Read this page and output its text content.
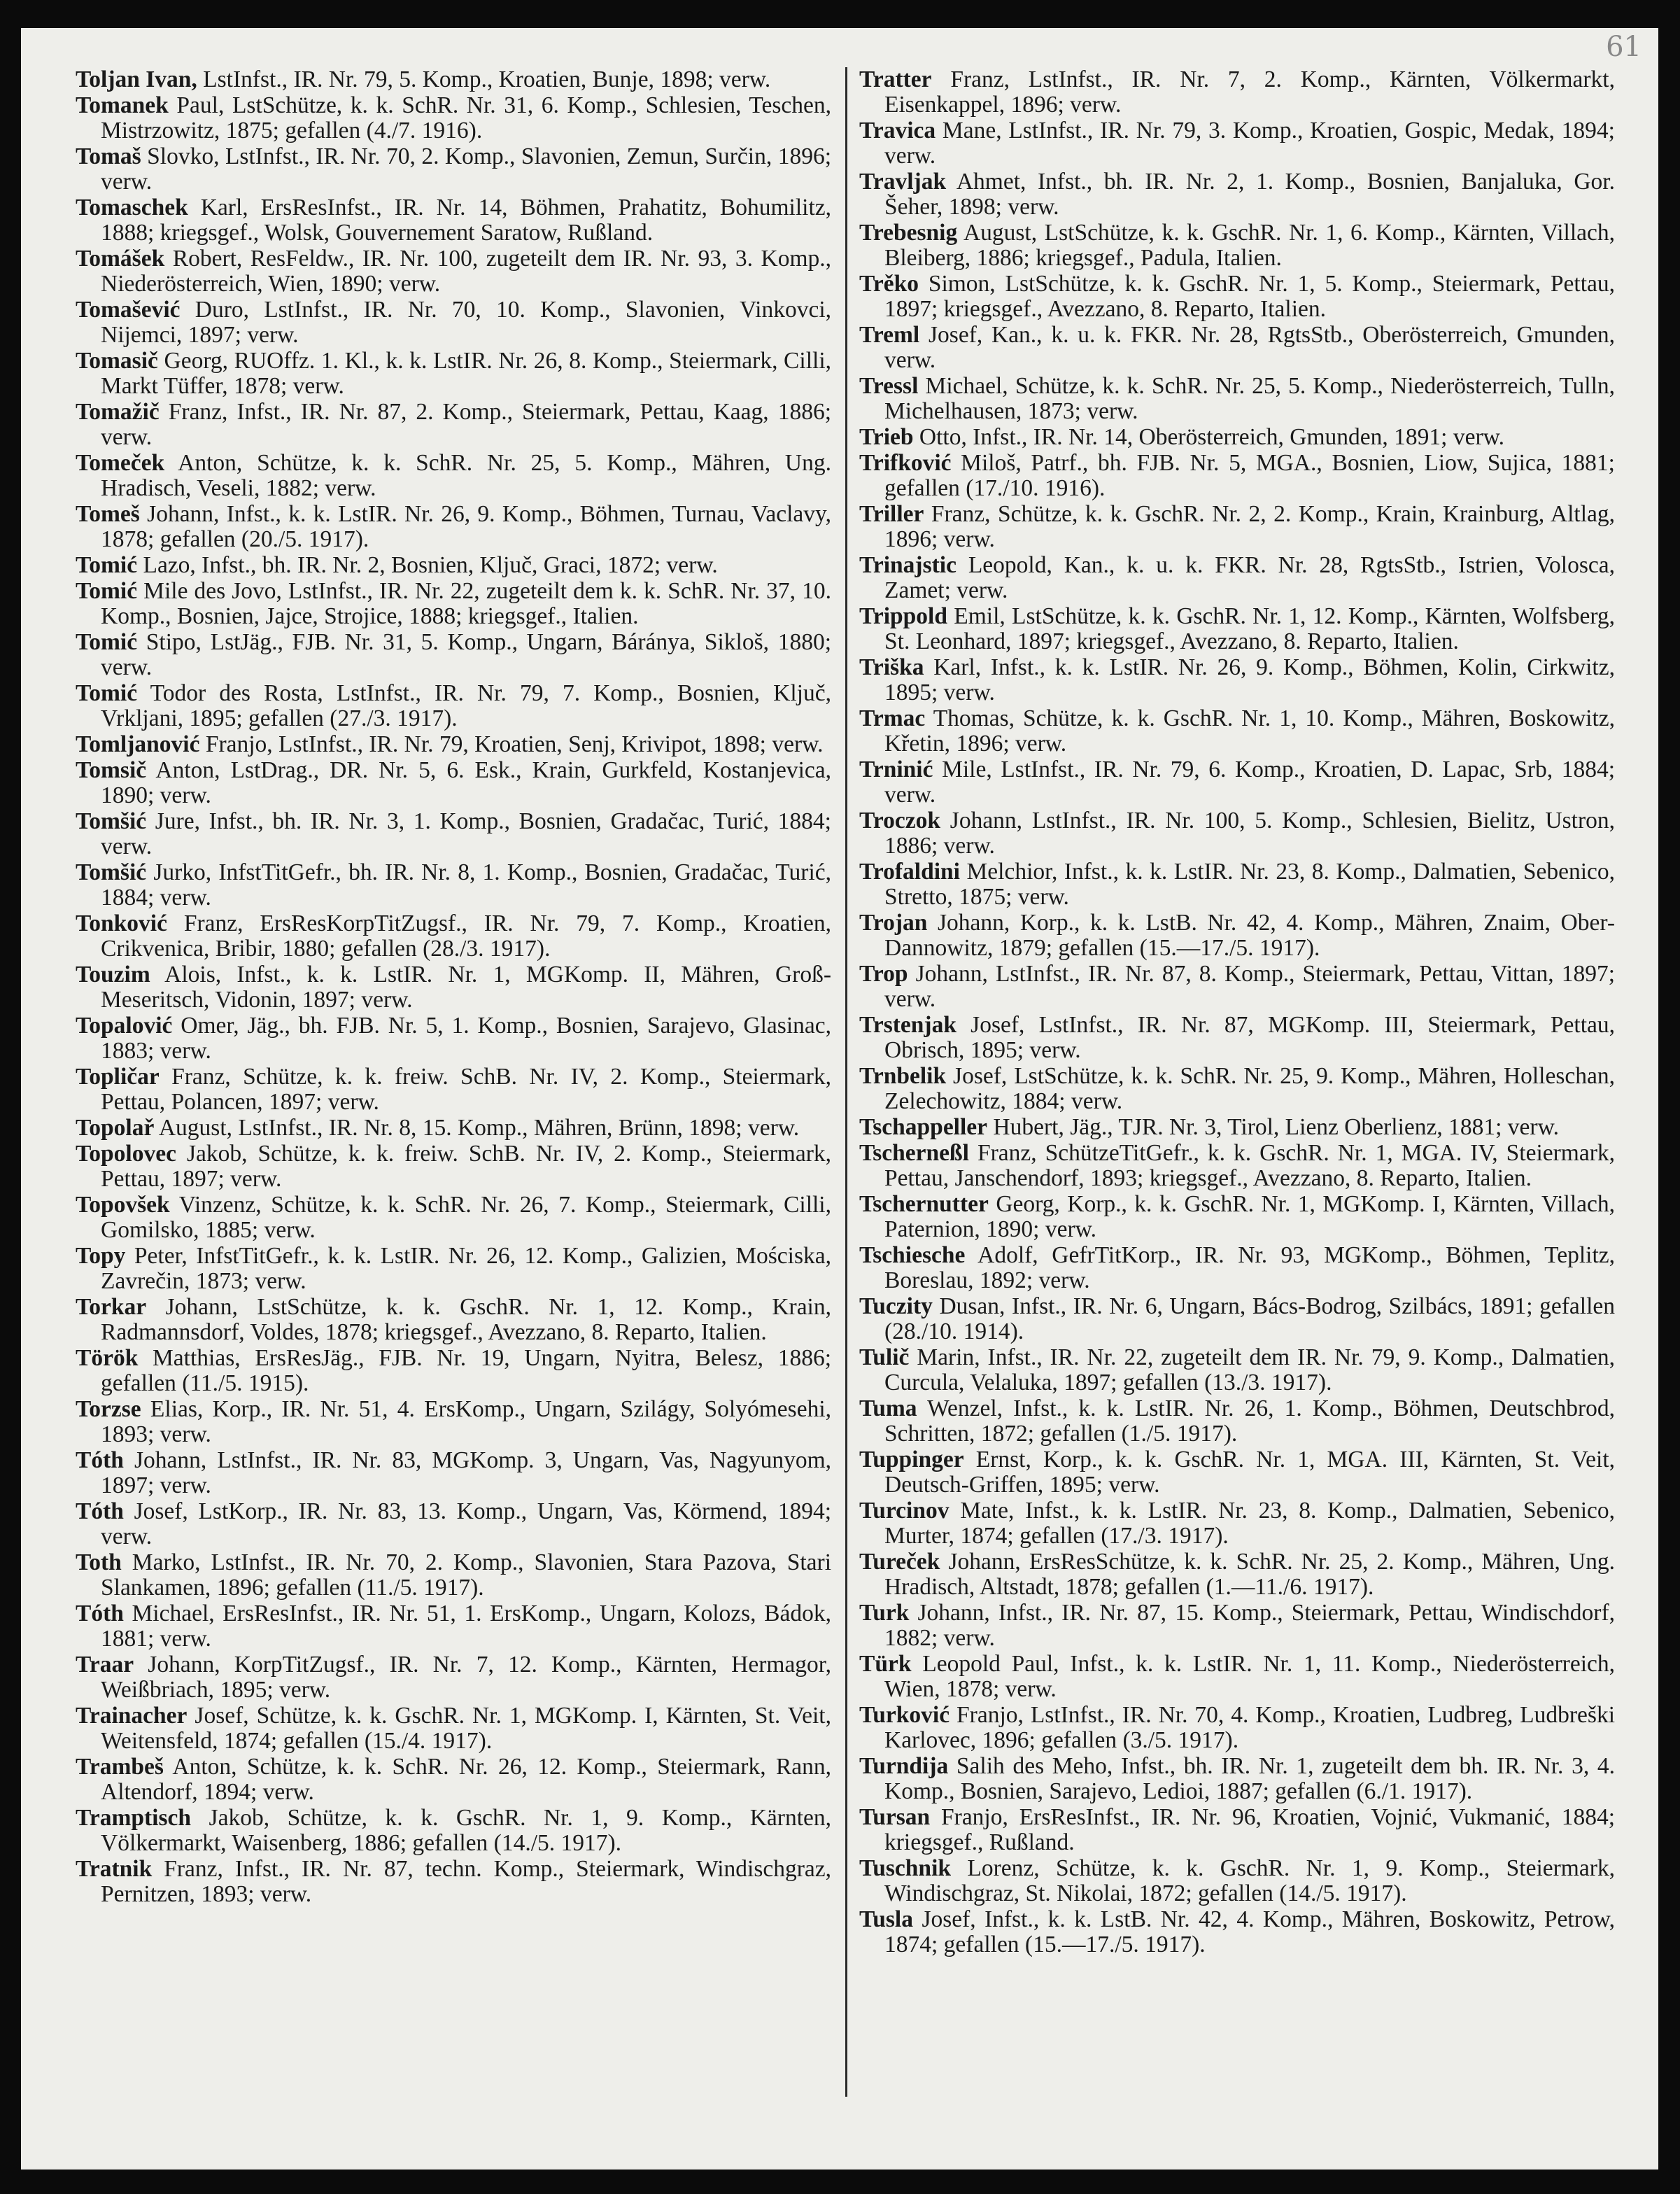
61

Toljan Ivan, LstInfst., IR. Nr. 79, 5. Komp., Kroatien, Bunje, 1898; verw.

Tomanek Paul, LstSchütze, k. k. SchR. Nr. 31, 6. Komp., Schlesien, Teschen, Mistrzowitz, 1875; gefallen (4./7. 1916).

Tomaš Slovko, LstInfst., IR. Nr. 70, 2. Komp., Slavonien, Zemun, Surčin, 1896; verw.

Tomaschek Karl, ErsResInfst., IR. Nr. 14, Böhmen, Prahatitz, Bohumilitz, 1888; kriegsgef., Wolsk, Gouvernement Saratow, Rußland.

Tomášek Robert, ResFeldw., IR. Nr. 100, zugeteilt dem IR. Nr. 93, 3. Komp., Niederösterreich, Wien, 1890; verw.

Tomašević Duro, LstInfst., IR. Nr. 70, 10. Komp., Slavonien, Vinkovci, Nijemci, 1897; verw.

Tomasič Georg, RUOffz. 1. Kl., k. k. LstIR. Nr. 26, 8. Komp., Steiermark, Cilli, Markt Tüffer, 1878; verw.

Tomažič Franz, Infst., IR. Nr. 87, 2. Komp., Steiermark, Pettau, Kaag, 1886; verw.

Tomeček Anton, Schütze, k. k. SchR. Nr. 25, 5. Komp., Mähren, Ung. Hradisch, Veseli, 1882; verw.

Tomeš Johann, Infst., k. k. LstIR. Nr. 26, 9. Komp., Böhmen, Turnau, Vaclavy, 1878; gefallen (20./5. 1917).

Tomić Lazo, Infst., bh. IR. Nr. 2, Bosnien, Ključ, Graci, 1872; verw.

Tomić Mile des Jovo, LstInfst., IR. Nr. 22, zugeteilt dem k. k. SchR. Nr. 37, 10. Komp., Bosnien, Jajce, Strojice, 1888; kriegsgef., Italien.

Tomić Stipo, LstJäg., FJB. Nr. 31, 5. Komp., Ungarn, Báránya, Sikloš, 1880; verw.

Tomić Todor des Rosta, LstInfst., IR. Nr. 79, 7. Komp., Bosnien, Ključ, Vrkljani, 1895; gefallen (27./3. 1917).

Tomljanović Franjo, LstInfst., IR. Nr. 79, Kroatien, Senj, Krivipot, 1898; verw.

Tomsič Anton, LstDrag., DR. Nr. 5, 6. Esk., Krain, Gurkfeld, Kostanjevica, 1890; verw.

Tomšić Jure, Infst., bh. IR. Nr. 3, 1. Komp., Bosnien, Gradačac, Turić, 1884; verw.

Tomšić Jurko, InfstTitGefr., bh. IR. Nr. 8, 1. Komp., Bosnien, Gradačac, Turić, 1884; verw.

Tonković Franz, ErsResKorpTitZugsf., IR. Nr. 79, 7. Komp., Kroatien, Crikvenica, Bribir, 1880; gefallen (28./3. 1917).

Touzim Alois, Infst., k. k. LstIR. Nr. 1, MGKomp. II, Mähren, Groß-Meseritsch, Vidonin, 1897; verw.

Topalović Omer, Jäg., bh. FJB. Nr. 5, 1. Komp., Bosnien, Sarajevo, Glasinac, 1883; verw.

Topličar Franz, Schütze, k. k. freiw. SchB. Nr. IV, 2. Komp., Steiermark, Pettau, Polancen, 1897; verw.

Topolař August, LstInfst., IR. Nr. 8, 15. Komp., Mähren, Brünn, 1898; verw.

Topolovec Jakob, Schütze, k. k. freiw. SchB. Nr. IV, 2. Komp., Steiermark, Pettau, 1897; verw.

Topovšek Vinzenz, Schütze, k. k. SchR. Nr. 26, 7. Komp., Steiermark, Cilli, Gomilsko, 1885; verw.

Topy Peter, InfstTitGefr., k. k. LstIR. Nr. 26, 12. Komp., Galizien, Mościska, Zavrečin, 1873; verw.

Torkar Johann, LstSchütze, k. k. GschR. Nr. 1, 12. Komp., Krain, Radmannsdorf, Voldes, 1878; kriegsgef., Avezzano, 8. Reparto, Italien.

Török Matthias, ErsResJäg., FJB. Nr. 19, Ungarn, Nyitra, Belesz, 1886; gefallen (11./5. 1915).

Torzse Elias, Korp., IR. Nr. 51, 4. ErsKomp., Ungarn, Szilágy, Solyómesehi, 1893; verw.

Tóth Johann, LstInfst., IR. Nr. 83, MGKomp. 3, Ungarn, Vas, Nagyunyom, 1897; verw.

Tóth Josef, LstKorp., IR. Nr. 83, 13. Komp., Ungarn, Vas, Körmend, 1894; verw.

Toth Marko, LstInfst., IR. Nr. 70, 2. Komp., Slavonien, Stara Pazova, Stari Slankamen, 1896; gefallen (11./5. 1917).

Tóth Michael, ErsResInfst., IR. Nr. 51, 1. ErsKomp., Ungarn, Kolozs, Bádok, 1881; verw.

Traar Johann, KorpTitZugsf., IR. Nr. 7, 12. Komp., Kärnten, Hermagor, Weißbriach, 1895; verw.

Trainacher Josef, Schütze, k. k. GschR. Nr. 1, MGKomp. I, Kärnten, St. Veit, Weitensfeld, 1874; gefallen (15./4. 1917).

Trambeš Anton, Schütze, k. k. SchR. Nr. 26, 12. Komp., Steiermark, Rann, Altendorf, 1894; verw.

Tramptisch Jakob, Schütze, k. k. GschR. Nr. 1, 9. Komp., Kärnten, Völkermarkt, Waisenberg, 1886; gefallen (14./5. 1917).

Tratnik Franz, Infst., IR. Nr. 87, techn. Komp., Steiermark, Windischgraz, Pernitzen, 1893; verw.

Tratter Franz, LstInfst., IR. Nr. 7, 2. Komp., Kärnten, Völkermarkt, Eisenkappel, 1896; verw.

Travica Mane, LstInfst., IR. Nr. 79, 3. Komp., Kroatien, Gospic, Medak, 1894; verw.

Travljak Ahmet, Infst., bh. IR. Nr. 2, 1. Komp., Bosnien, Banjaluka, Gor. Šeher, 1898; verw.

Trebesnig August, LstSchütze, k. k. GschR. Nr. 1, 6. Komp., Kärnten, Villach, Bleiberg, 1886; kriegsgef., Padula, Italien.

Trěko Simon, LstSchütze, k. k. GschR. Nr. 1, 5. Komp., Steiermark, Pettau, 1897; kriegsgef., Avezzano, 8. Reparto, Italien.

Treml Josef, Kan., k. u. k. FKR. Nr. 28, RgtsStb., Oberösterreich, Gmunden, verw.

Tressl Michael, Schütze, k. k. SchR. Nr. 25, 5. Komp., Niederösterreich, Tulln, Michelhausen, 1873; verw.

Trieb Otto, Infst., IR. Nr. 14, Oberösterreich, Gmunden, 1891; verw.

Trifković Miloš, Patrf., bh. FJB. Nr. 5, MGA., Bosnien, Liow, Sujica, 1881; gefallen (17./10. 1916).

Triller Franz, Schütze, k. k. GschR. Nr. 2, 2. Komp., Krain, Krainburg, Altlag, 1896; verw.

Trinajstic Leopold, Kan., k. u. k. FKR. Nr. 28, RgtsStb., Istrien, Volosca, Zamet; verw.

Trippold Emil, LstSchütze, k. k. GschR. Nr. 1, 12. Komp., Kärnten, Wolfsberg, St. Leonhard, 1897; kriegsgef., Avezzano, 8. Reparto, Italien.

Triška Karl, Infst., k. k. LstIR. Nr. 26, 9. Komp., Böhmen, Kolin, Cirkwitz, 1895; verw.

Trmac Thomas, Schütze, k. k. GschR. Nr. 1, 10. Komp., Mähren, Boskowitz, Křetin, 1896; verw.

Trninić Mile, LstInfst., IR. Nr. 79, 6. Komp., Kroatien, D. Lapac, Srb, 1884; verw.

Troczok Johann, LstInfst., IR. Nr. 100, 5. Komp., Schlesien, Bielitz, Ustron, 1886; verw.

Trofaldini Melchior, Infst., k. k. LstIR. Nr. 23, 8. Komp., Dalmatien, Sebenico, Stretto, 1875; verw.

Trojan Johann, Korp., k. k. LstB. Nr. 42, 4. Komp., Mähren, Znaim, Ober-Dannowitz, 1879; gefallen (15.—17./5. 1917).

Trop Johann, LstInfst., IR. Nr. 87, 8. Komp., Steiermark, Pettau, Vittan, 1897; verw.

Trstenjak Josef, LstInfst., IR. Nr. 87, MGKomp. III, Steiermark, Pettau, Obrisch, 1895; verw.

Trnbelik Josef, LstSchütze, k. k. SchR. Nr. 25, 9. Komp., Mähren, Holleschan, Zelechowitz, 1884; verw.

Tschappeller Hubert, Jäg., TJR. Nr. 3, Tirol, Lienz Oberlienz, 1881; verw.

Tscherneßl Franz, SchützeTitGefr., k. k. GschR. Nr. 1, MGA. IV, Steiermark, Pettau, Janschendorf, 1893; kriegsgef., Avezzano, 8. Reparto, Italien.

Tschernutter Georg, Korp., k. k. GschR. Nr. 1, MGKomp. I, Kärnten, Villach, Paternion, 1890; verw.

Tschiesche Adolf, GefrTitKorp., IR. Nr. 93, MGKomp., Böhmen, Teplitz, Boreslau, 1892; verw.

Tuczity Dusan, Infst., IR. Nr. 6, Ungarn, Bács-Bodrog, Szilbács, 1891; gefallen (28./10. 1914).

Tulič Marin, Infst., IR. Nr. 22, zugeteilt dem IR. Nr. 79, 9. Komp., Dalmatien, Curcula, Velaluka, 1897; gefallen (13./3. 1917).

Tuma Wenzel, Infst., k. k. LstIR. Nr. 26, 1. Komp., Böhmen, Deutschbrod, Schritten, 1872; gefallen (1./5. 1917).

Tuppinger Ernst, Korp., k. k. GschR. Nr. 1, MGA. III, Kärnten, St. Veit, Deutsch-Griffen, 1895; verw.

Turcinov Mate, Infst., k. k. LstIR. Nr. 23, 8. Komp., Dalmatien, Sebenico, Murter, 1874; gefallen (17./3. 1917).

Tureček Johann, ErsResSchütze, k. k. SchR. Nr. 25, 2. Komp., Mähren, Ung. Hradisch, Altstadt, 1878; gefallen (1.—11./6. 1917).

Turk Johann, Infst., IR. Nr. 87, 15. Komp., Steiermark, Pettau, Windischdorf, 1882; verw.

Türk Leopold Paul, Infst., k. k. LstIR. Nr. 1, 11. Komp., Niederösterreich, Wien, 1878; verw.

Turković Franjo, LstInfst., IR. Nr. 70, 4. Komp., Kroatien, Ludbreg, Ludbreški Karlovec, 1896; gefallen (3./5. 1917).

Turndija Salih des Meho, Infst., bh. IR. Nr. 1, zugeteilt dem bh. IR. Nr. 3, 4. Komp., Bosnien, Sarajevo, Ledioi, 1887; gefallen (6./1. 1917).

Tursan Franjo, ErsResInfst., IR. Nr. 96, Kroatien, Vojnić, Vukmanić, 1884; kriegsgef., Rußland.

Tuschnik Lorenz, Schütze, k. k. GschR. Nr. 1, 9. Komp., Steiermark, Windischgraz, St. Nikolai, 1872; gefallen (14./5. 1917).

Tusla Josef, Infst., k. k. LstB. Nr. 42, 4. Komp., Mähren, Boskowitz, Petrow, 1874; gefallen (15.—17./5. 1917).
